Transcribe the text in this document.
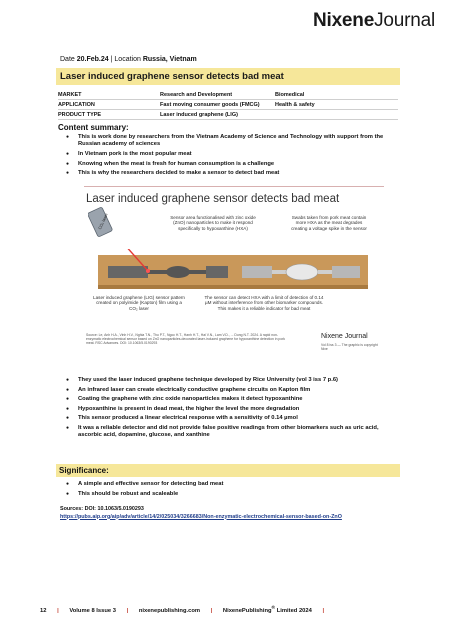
NixeneJournal
Date 20.Feb.24 | Location Russia, Vietnam
Laser induced graphene sensor detects bad meat
MARKET	Research and Development	Biomedical
APPLICATION	Fast moving consumer goods (FMCG)	Health & safety
PRODUCT TYPE	Laser induced graphene (LIG)
Content summary:
● This is work done by researchers from the Vietnam Academy of Science and Technology with support from the Russian academy of sciences
● In Vietnam pork is the most popular meat
● Knowing when the meat is fresh for human consumption is a challenge
● This is why the researchers decided to make a sensor to detect bad meat
Laser induced graphene sensor detects bad meat
Sensor area functionalised with zinc oxide (ZnO) nanoparticles to make it respond specifically to hypoxanthine (HXA)
Swabs taken from pork meat contain more HXA as the meat degrades creating a voltage spike in the sensor
CO₂ laser
Laser induced graphene (LIG) sensor pattern created on polyimide (Kapton) film using a CO₂ laser
The sensor can detect HXA with a limit of detection of 0.14 µM without interference from other biomarker compounds. This makes it a reliable indicator for bad meat
Source: Le, Anh H.A., Vinh H.V., Nghia T.N., Thu P.T., Ngoc H.T., Hanh H.T., Hai V.N., Lam V.D., ... Dung N.T. 2024. A rapid non-enzymatic electrochemical sensor based on ZnO nanoparticles-decorated laser-induced graphene for hypoxanthine detection in pork meat. RSC Advances. DOI: 10.1063/5.0190293
Nixene Journal
Vol 8 iss 3 — The graphic is copyright Nixe
● They used the laser induced graphene technique developed by Rice University (vol 3 iss 7 p.6)
● An infrared laser can create electrically conductive graphene circuits on Kapton film
● Coating the graphene with zinc oxide nanoparticles makes it detect hypoxanthine
● Hypoxanthine is present in dead meat, the higher the level the more degradation
● This sensor produced a linear electrical response with a sensitivity of 0.14 µmol
● It was a reliable detector and did not provide false positive readings from other biomarkers such as uric acid, ascorbic acid, dopamine, glucose, and xanthine
Significance:
● A simple and effective sensor for detecting bad meat
● This should be robust and scaleable
Sources: DOI: 10.1063/5.0190293
https://pubs.aip.org/aip/adv/article/14/2/025034/3266683/Non-enzymatic-electrochemical-sensor-based-on-ZnO
12 | Volume 8 Issue 3 | nixenepublishing.com | NixenePublishing® Limited 2024 |
